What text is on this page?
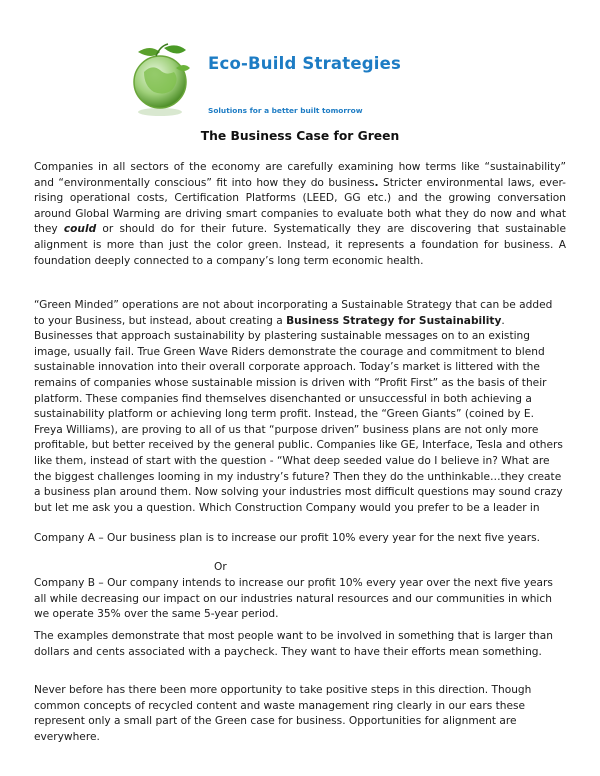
Eco-Build Strategies
Solutions for a better built tomorrow
The Business Case for Green

Companies in all sectors of the economy are carefully examining how terms like “sustainability” and “environmentally conscious” fit into how they do business. Stricter environmental laws, ever-rising operational costs, Certification Platforms (LEED, GG etc.) and the growing conversation around Global Warming are driving smart companies to evaluate both what they do now and what they could or should do for their future. Systematically they are discovering that sustainable alignment is more than just the color green. Instead, it represents a foundation for business. A foundation deeply connected to a company’s long term economic health.

“Green Minded” operations are not about incorporating a Sustainable Strategy that can be added to your Business, but instead, about creating a Business Strategy for Sustainability. Businesses that approach sustainability by plastering sustainable messages on to an existing image, usually fail. True Green Wave Riders demonstrate the courage and commitment to blend sustainable innovation into their overall corporate approach. Today’s market is littered with the remains of companies whose sustainable mission is driven with “Profit First” as the basis of their platform. These companies find themselves disenchanted or unsuccessful in both achieving a sustainability platform or achieving long term profit. Instead, the “Green Giants” (coined by E. Freya Williams), are proving to all of us that “purpose driven” business plans are not only more profitable, but better received by the general public. Companies like GE, Interface, Tesla and others like them, instead of start with the question - “What deep seeded value do I believe in? What are the biggest challenges looming in my industry’s future? Then they do the unthinkable…they create a business plan around them. Now solving your industries most difficult questions may sound crazy but let me ask you a question. Which Construction Company would you prefer to be a leader in

Company A – Our business plan is to increase our profit 10% every year for the next five years.

Or

Company B – Our company intends to increase our profit 10% every year over the next five years all while decreasing our impact on our industries natural resources and our communities in which we operate 35% over the same 5-year period.

The examples demonstrate that most people want to be involved in something that is larger than dollars and cents associated with a paycheck. They want to have their efforts mean something.

Never before has there been more opportunity to take positive steps in this direction. Though common concepts of recycled content and waste management ring clearly in our ears these represent only a small part of the Green case for business. Opportunities for alignment are everywhere.
